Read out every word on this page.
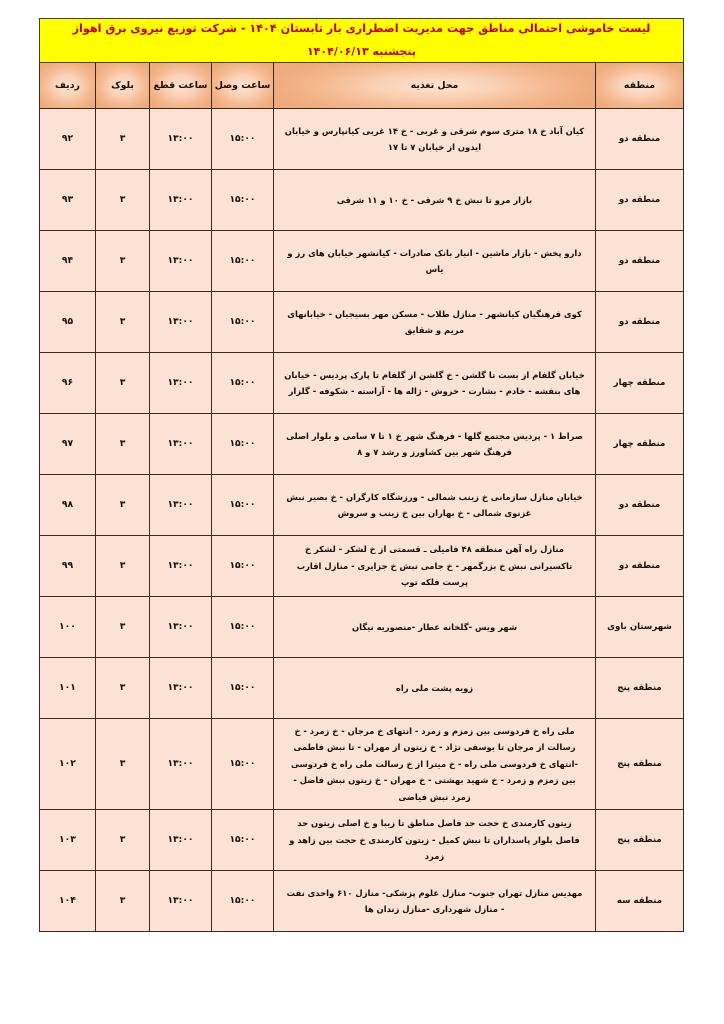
لیست خاموشی احتمالی مناطق جهت مدیریت اضطراری بار تابستان ۱۴۰۴ - شرکت توزیع نیروی برق اهواز
پنجشنبه ۱۴۰۴/۰۶/۱۳					

منطقه	محل تغذیه	ساعت وصل	ساعت قطع	بلوک	ردیف
منطقه دو	کیان آباد خ ۱۸ متری سوم شرقی و غربی - خ ۱۴ غربی کیانپارس و خیابان ایدون از خیابان ۷ تا ۱۷	۱۵:۰۰	۱۳:۰۰	۳	۹۲
منطقه دو	بازار مرو تا نبش خ ۹ شرقی - خ ۱۰ و ۱۱ شرقی	۱۵:۰۰	۱۳:۰۰	۳	۹۳
منطقه دو	دارو پخش - بازار ماشین - انبار بانک صادرات - کیانشهر خیابان های رز و یاس	۱۵:۰۰	۱۳:۰۰	۳	۹۴
منطقه دو	کوی فرهنگیان کیانشهر - منازل طلاب - مسکن مهر بسیجیان - خیابانهای مریم و شقایق	۱۵:۰۰	۱۳:۰۰	۳	۹۵
منطقه چهار	خیابان گلفام از بست تا گلشن - خ گلشن از گلفام تا پارک پردیس - خیابان های بنفشه - خادم - بشارت - خروش - ژاله ها - آراسته - شکوفه - گلزار	۱۵:۰۰	۱۳:۰۰	۳	۹۶
منطقه چهار	صراط ۱ - پردیس مجتمع گلها - فرهنگ شهر خ ۱ تا ۷ سامی و بلوار اصلی فرهنگ شهر بین کشاورز و رشد ۷ و ۸	۱۵:۰۰	۱۳:۰۰	۳	۹۷
منطقه دو	خیابان منازل سازمانی خ زینب شمالی - ورزشگاه کارگران - خ بصیر نبش غزنوی شمالی - خ بهاران بین خ زینب و سروش	۱۵:۰۰	۱۳:۰۰	۳	۹۸
منطقه دو	منازل راه آهن منطقه ۴۸ فامیلی ـ قسمتی از خ لشکر - لشکر خ تاکسیرانی نبش خ بزرگمهر - خ جامی نبش خ جزایری - منازل اقارب پرست فلکه توپ	۱۵:۰۰	۱۳:۰۰	۳	۹۹
شهرستان باوی	شهر ویس -گلخانه عطار -منصوریه نیگان	۱۵:۰۰	۱۳:۰۰	۳	۱۰۰
منطقه پنج	زویه پشت ملی راه	۱۵:۰۰	۱۳:۰۰	۳	۱۰۱
منطقه پنج	ملی راه خ فردوسی بین زمزم و زمرد - انتهای خ مرجان - خ زمرد - خ رسالت از مرجان تا یوسفی نژاد - خ زیتون از مهران - تا نبش فاطمی -انتهای خ فردوسی ملی راه - خ میترا از خ رسالت ملی راه خ فردوسی بین زمزم و زمرد - خ شهید بهشتی - خ مهران - خ زیتون نبش فاضل - زمرد نبش فیاضی	۱۵:۰۰	۱۳:۰۰	۳	۱۰۲
منطقه پنج	زیتون کارمندی خ حجت حد فاصل مناطق تا زیبا و خ اصلی زیتون حد فاصل بلوار پاسداران تا نبش کمیل - زیتون کارمندی خ حجت بین زاهد و زمرد	۱۵:۰۰	۱۳:۰۰	۳	۱۰۳
منطقه سه	مهدیس منازل تهران جنوب- منازل علوم پزشکی- منازل ۶۱۰ واحدی نفت - منازل شهرداری -منازل زندان ها	۱۵:۰۰	۱۳:۰۰	۳	۱۰۴
